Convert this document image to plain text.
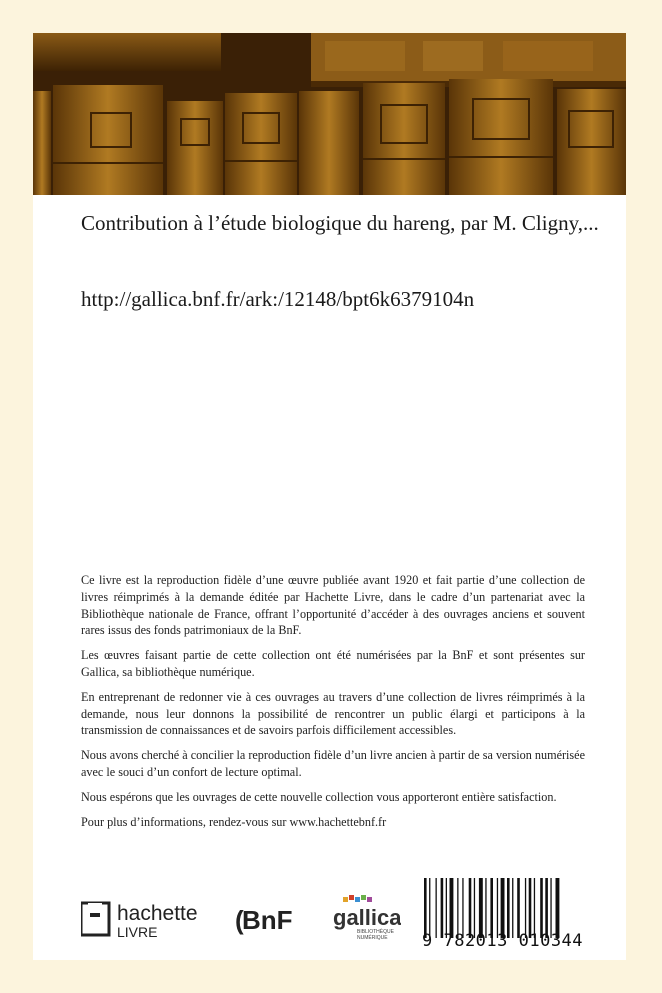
Contribution à l’étude biologique du hareng, par M. Cligny,...
http://gallica.bnf.fr/ark:/12148/bpt6k6379104n

Ce livre est la reproduction fidèle d’une œuvre publiée avant 1920 et fait partie d’une collection de livres réimprimés à la demande éditée par Hachette Livre, dans le cadre d’un partenariat avec la Bibliothèque nationale de France, offrant l’opportunité d’accéder à des ouvrages anciens et souvent rares issus des fonds patrimoniaux de la BnF.

Les œuvres faisant partie de cette collection ont été numérisées par la BnF et sont présentes sur Gallica, sa bibliothèque numérique.

En entreprenant de redonner vie à ces ouvrages au travers d’une collection de livres réimprimés à la demande, nous leur donnons la possibilité de rencontrer un public élargi et participons à la transmission de connaissances et de savoirs parfois difficilement accessibles.

Nous avons cherché à concilier la reproduction fidèle d’un livre ancien à partir de sa version numérisée avec le souci d’un confort de lecture optimal.

Nous espérons que les ouvrages de cette nouvelle collection vous apporteront entière satisfaction.

Pour plus d’informations, rendez-vous sur www.hachettebnf.fr

hachette
LIVRE	(
BnF gallica
BIBLIOTHÈQUE
NUMÉRIQUE 9 782013 010344
